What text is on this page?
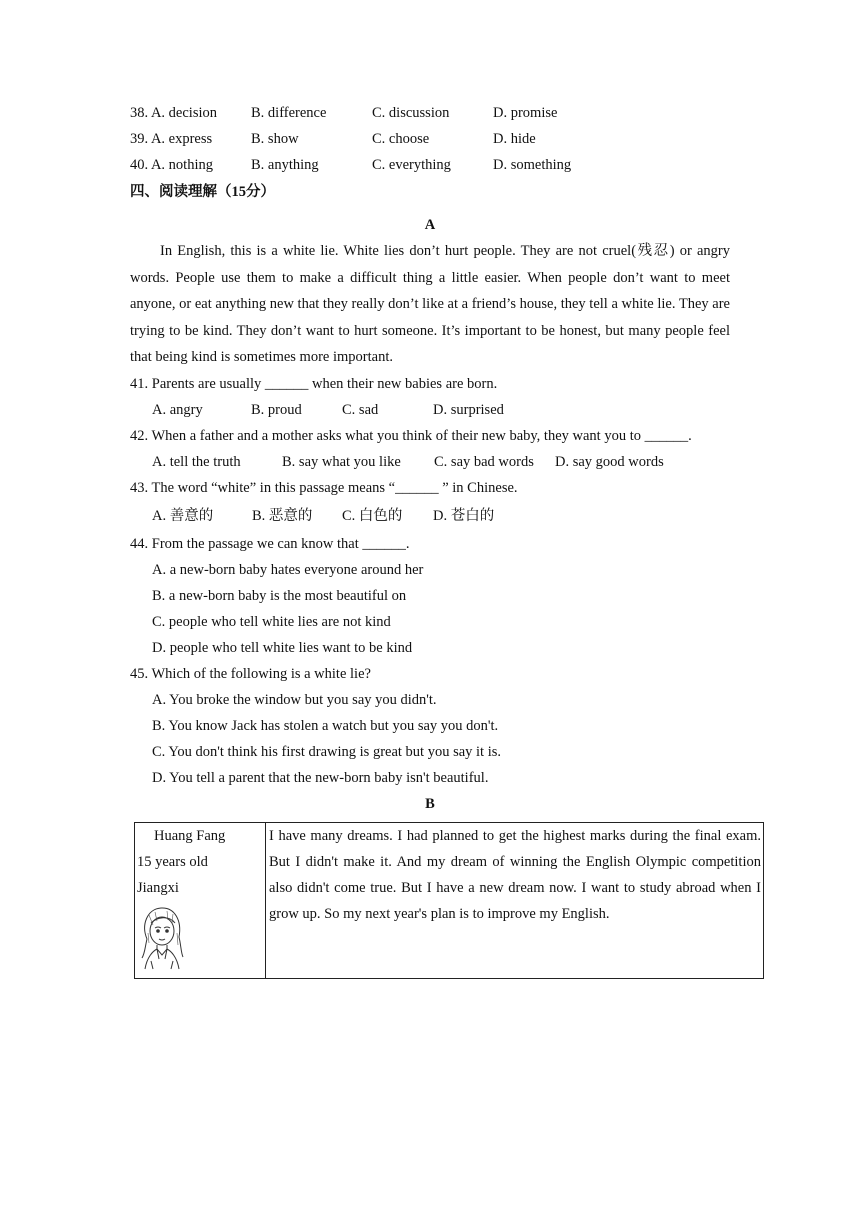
38. A. decision	B. difference	C. discussion	D. promise
39. A. express	B. show	C. choose	D. hide
40. A. nothing	B. anything	C. everything	D. something
四、阅读理解（15分）
A

In English, this is a white lie. White lies don’t hurt people. They are not cruel(残忍) or angry words. People use them to make a difficult thing a little easier. When people don’t want to meet anyone, or eat anything new that they really don’t like at a friend’s house, they tell a white lie. They are trying to be kind. They don’t want to hurt someone. It’s important to be honest, but many people feel that being kind is sometimes more important.

41. Parents are usually ______ when their new babies are born.
A. angry	B. proud	C. sad	D. surprised
42. When a father and a mother asks what you think of their new baby, they want you to ______.
A. tell the truth	B. say what you like	C. say bad words	D. say good words
43. The word “white” in this passage means “______ ” in Chinese.
A. 善意的	B. 恶意的	C. 白色的	D. 苍白的
44. From the passage we can know that ______.
A. a new-born baby hates everyone around her
B. a new-born baby is the most beautiful on
C. people who tell white lies are not kind
D. people who tell white lies want to be kind
45. Which of the following is a white lie?
A. You broke the window but you say you didn't.
B. You know Jack has stolen a watch but you say you don't.
C. You don't think his first drawing is great but you say it is.
D. You tell a parent that the new-born baby isn't beautiful.
B
Huang Fang
15 years old
Jiangxi
I have many dreams. I had planned to get the highest marks during the final exam. But I didn't make it. And my dream of winning the English Olympic competition also didn't come true. But I have a new dream now. I want to study abroad when I grow up. So my next year's plan is to improve my English.
